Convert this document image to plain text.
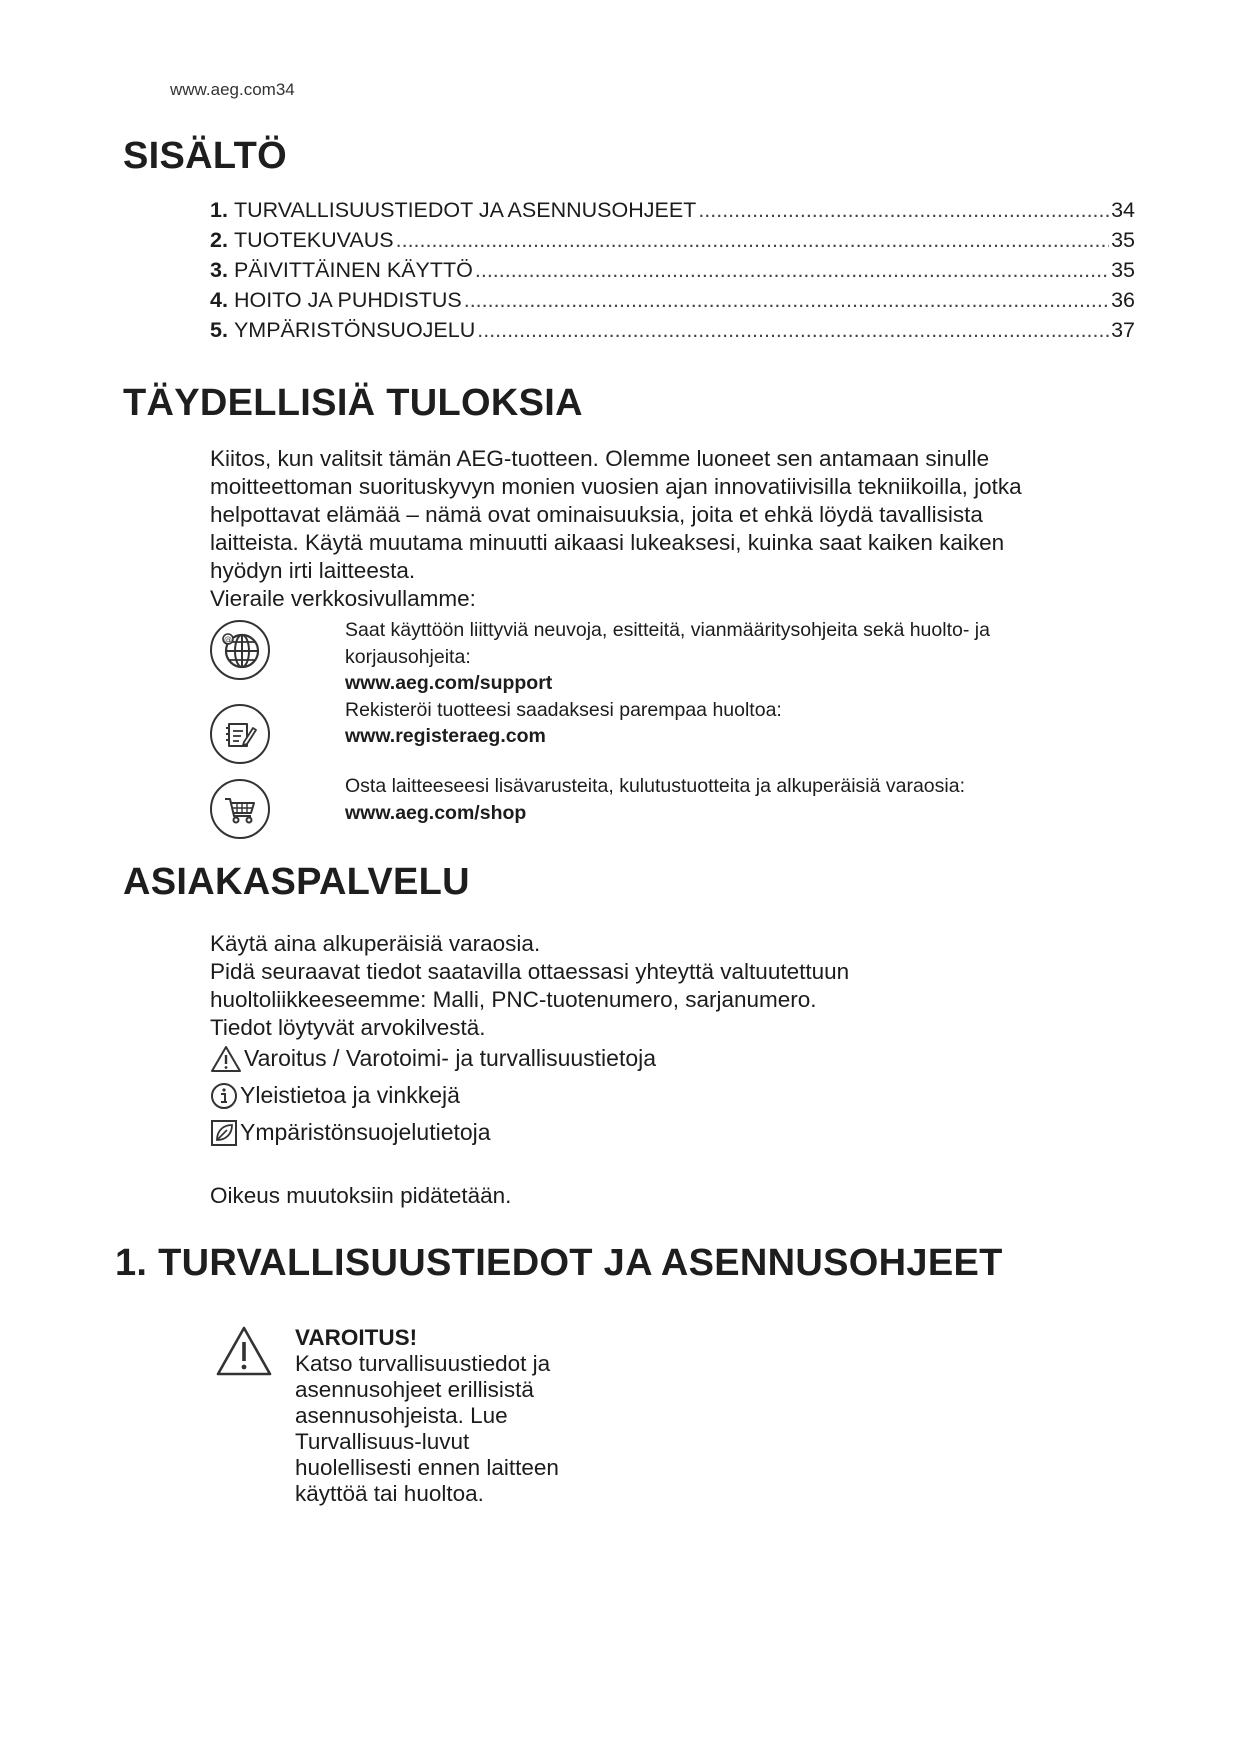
www.aeg.com34
SISÄLTÖ
1. TURVALLISUUSTIEDOT JA ASENNUSOHJEET .....	34
2. TUOTEKUVAUS .....	35
3. PÄIVITTÄINEN KÄYTTÖ .....	35
4. HOITO JA PUHDISTUS .....	36
5. YMPÄRISTÖNSUOJELU .....	37
TÄYDELLISIÄ TULOKSIA

Kiitos, kun valitsit tämän AEG-tuotteen. Olemme luoneet sen antamaan sinulle

moitteettoman suorituskyvyn monien vuosien ajan innovatiivisilla tekniikoilla, jotka

helpottavat elämää – nämä ovat ominaisuuksia, joita et ehkä löydä tavallisista

laitteista. Käytä muutama minuutti aikaasi lukeaksesi, kuinka saat kaiken kaiken

hyödyn irti laitteesta.

Vieraile verkkosivullamme:

@	Saat käyttöön liittyviä neuvoja, esitteitä, vianmääritysohjeita sekä huolto- ja
korjausohjeita:
www.aeg.com/support
Rekisteröi tuotteesi saadaksesi parempaa huoltoa:
www.registeraeg.com
Osta laitteeseesi lisävarusteita, kulutustuotteita ja alkuperäisiä varaosia:
www.aeg.com/shop
ASIAKASPALVELU

Käytä aina alkuperäisiä varaosia.

Pidä seuraavat tiedot saatavilla ottaessasi yhteyttä valtuutettuun

huoltoliikkeeseemme: Malli, PNC-tuotenumero, sarjanumero.

Tiedot löytyvät arvokilvestä.

Varoitus / Varotoimi- ja turvallisuustietoja
Yleistietoa ja vinkkejä
Ympäristönsuojelutietoja
Oikeus muutoksiin pidätetään.
1. TURVALLISUUSTIEDOT JA ASENNUSOHJEET
VAROITUS!
Katso turvallisuustiedot ja
asennusohjeet erillisistä
asennusohjeista. Lue
Turvallisuus-luvut
huolellisesti ennen laitteen
käyttöä tai huoltoa.
